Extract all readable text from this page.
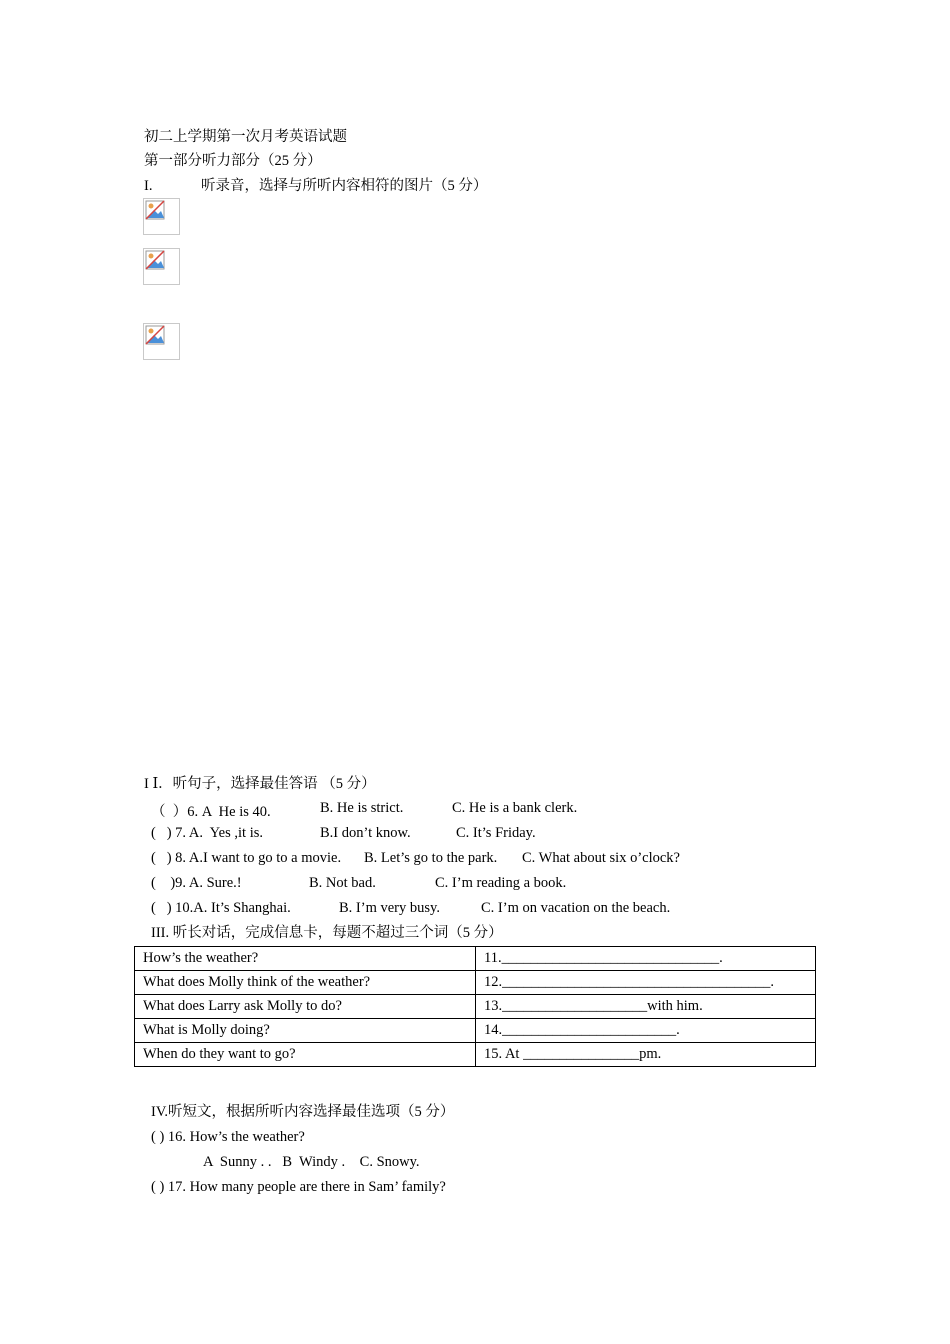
初二上学期第一次月考英语试题
第一部分听力部分（25 分）
I.	听录音，选择与所听内容相符的图片（5 分）
I Ⅰ．听句子，选择最佳答语 （5 分）
（  ）6. A  He is 40.	B. He is strict.	C. He is a bank clerk.
(   ) 7. A.  Yes ,it is.	B.I don’t know.	C. It’s Friday.
(   ) 8. A.I want to go to a movie. B. Let’s go to the park. C. What about six o’clock?
(    )9. A. Sure.!	B. Not bad.	C. I’m reading a book.
(   ) 10.A. It’s Shanghai.	B. I’m very busy.	C. I’m on vacation on the beach.
III. 听长对话，完成信息卡，每题不超过三个词（5 分）
How’s the weather?	11.______________________________.
What does Molly think of the weather?	12._____________________________________.
What does Larry ask Molly to do?	13.____________________with him.
What is Molly doing?	14.________________________.
When do they want to go?	15. At ________________pm.
IV.听短文，根据所听内容选择最佳选项（5 分）
( ) 16. How’s the weather?
A  Sunny . .   B  Windy .    C. Snowy.
( ) 17. How many people are there in Sam’ family?
